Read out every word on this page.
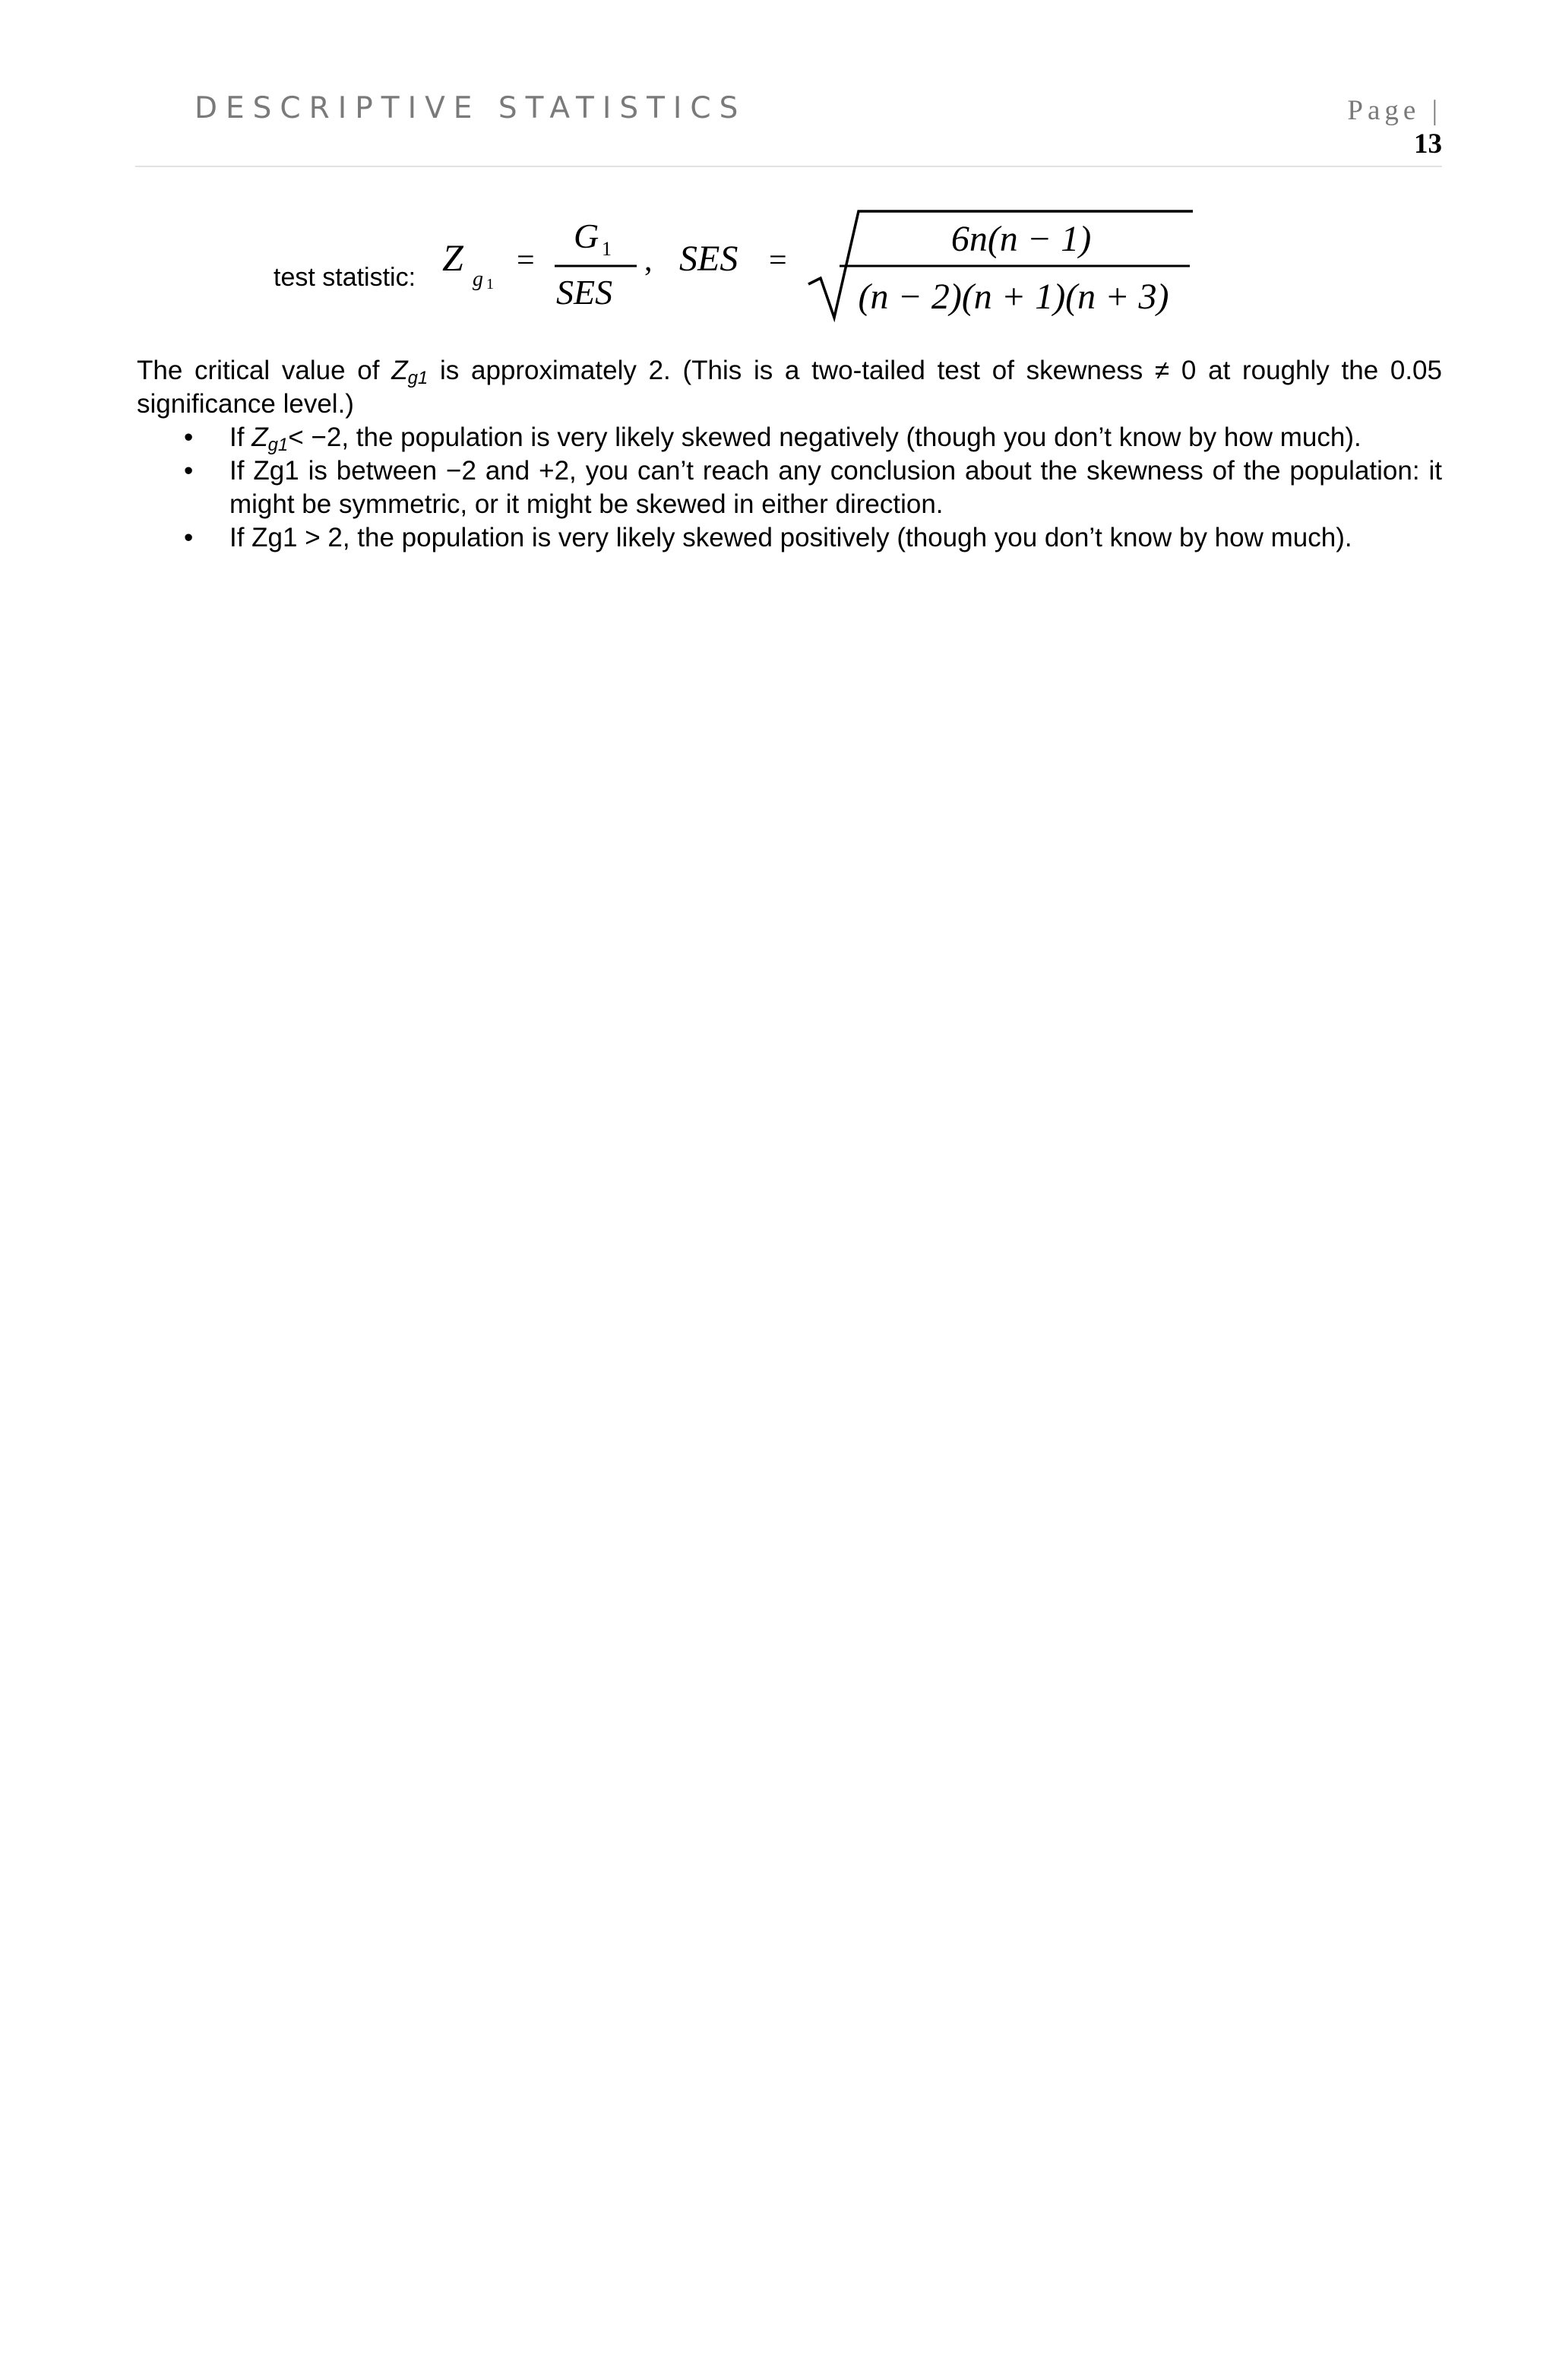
DESCRIPTIVE STATISTICS	Page |
13
test statistic: Z
g 1
=
G 1
SES
, SES =
6n(n − 1)
(n − 2)(n + 1)(n + 3)

The critical value of $Z_{g1}$ is approximately 2. (This is a two-tailed test of skewness ≠ 0 at roughly the 0.05 significance level.)

• If $Z_{g1}< -2$, the population is very likely skewed negatively (though you don’t know by how much).
• If Zg1 is between −2 and +2, you can’t reach any conclusion about the skewness of the population: it might be symmetric, or it might be skewed in either direction.
• If Zg1 > 2, the population is very likely skewed positively (though you don’t know by how much).
